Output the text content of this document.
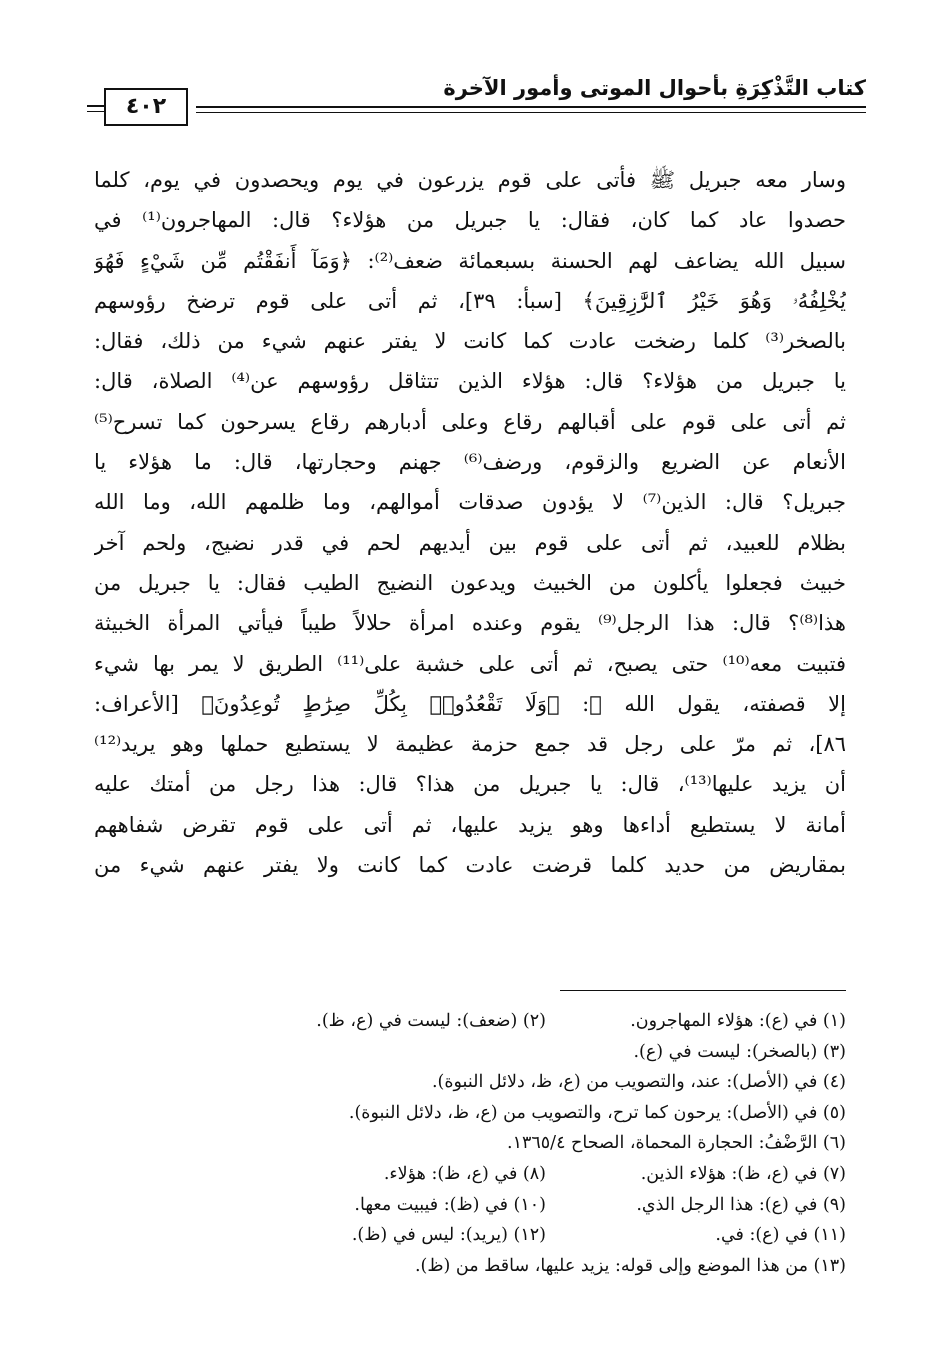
كتاب التَّذْكِرَةِ بأحوال الموتى وأمور الآخرة
٤٠٢
وسار معه جبريل ﷺ فأتى على قوم يزرعون في يوم ويحصدون في يوم، كلما
حصدوا عاد كما كان، فقال: يا جبريل من هؤلاء؟ قال: المهاجرون⁽¹⁾ في
سبيل الله يضاعف لهم الحسنة بسبعمائة ضعف⁽²⁾: ﴿وَمَآ أَنفَقْتُم مِّن شَيْءٍ فَهُوَ
يُخْلِفُهُۥ وَهُوَ خَيْرُ ٱلرَّٰزِقِينَ﴾ [سبأ: ٣٩]، ثم أتى على قوم ترضخ رؤوسهم
بالصخر⁽³⁾ كلما رضخت عادت كما كانت لا يفتر عنهم شيء من ذلك، فقال:
يا جبريل من هؤلاء؟ قال: هؤلاء الذين تتثاقل رؤوسهم عن⁽⁴⁾ الصلاة، قال:
ثم أتى على قوم على أقبالهم رقاع وعلى أدبارهم رقاع يسرحون كما تسرح⁽⁵⁾
الأنعام عن الضريع والزقوم، ورضف⁽⁶⁾ جهنم وحجارتها، قال: ما هؤلاء يا
جبريل؟ قال: الذين⁽⁷⁾ لا يؤدون صدقات أموالهم، وما ظلمهم الله، وما الله
بظلام للعبيد، ثم أتى على قوم بين أيديهم لحم في قدر نضيج، ولحم آخر
خبيث فجعلوا يأكلون من الخبيث ويدعون النضيج الطيب فقال: يا جبريل من
هذا⁽⁸⁾؟ قال: هذا الرجل⁽⁹⁾ يقوم وعنده امرأة حلالاً طيباً فيأتي المرأة الخبيثة
فتبيت معه⁽¹⁰⁾ حتى يصبح، ثم أتى على خشبة على⁽¹¹⁾ الطريق لا يمر بها شيء
إلا قصفته، يقول الله ﷻ: ﴿وَلَا تَقْعُدُوا۟ بِكُلِّ صِرَٰطٍ تُوعِدُونَ﴾ [الأعراف:
٨٦]، ثم مرّ على رجل قد جمع حزمة عظيمة لا يستطيع حملها وهو يريد⁽¹²⁾
أن يزيد عليها⁽¹³⁾، قال: يا جبريل من هذا؟ قال: هذا رجل من أمتك عليه
أمانة لا يستطيع أداءها وهو يزيد عليها، ثم أتى على قوم تقرض شفاههم
بمقاريض من حديد كلما قرضت عادت كما كانت ولا يفتر عنهم شيء من
(١) في (ع): هؤلاء المهاجرون.
(٢) (ضعف): ليست في (ع، ظ).
(٣) (بالصخر): ليست في (ع).
(٤) في (الأصل): عند، والتصويب من (ع، ظ، دلائل النبوة).
(٥) في (الأصل): يرحون كما ترح، والتصويب من (ع، ظ، دلائل النبوة).
(٦) الرَّضْفُ: الحجارة المحماة، الصحاح ١٣٦٥/٤.
(٧) في (ع، ظ): هؤلاء الذين.
(٨) في (ع، ظ): هؤلاء.
(٩) في (ع): هذا الرجل الذي.
(١٠) في (ظ): فيبيت معها.
(١١) في (ع): في.
(١٢) (يريد): ليس في (ظ).
(١٣) من هذا الموضع وإلى قوله: يزيد عليها، ساقط من (ظ).
